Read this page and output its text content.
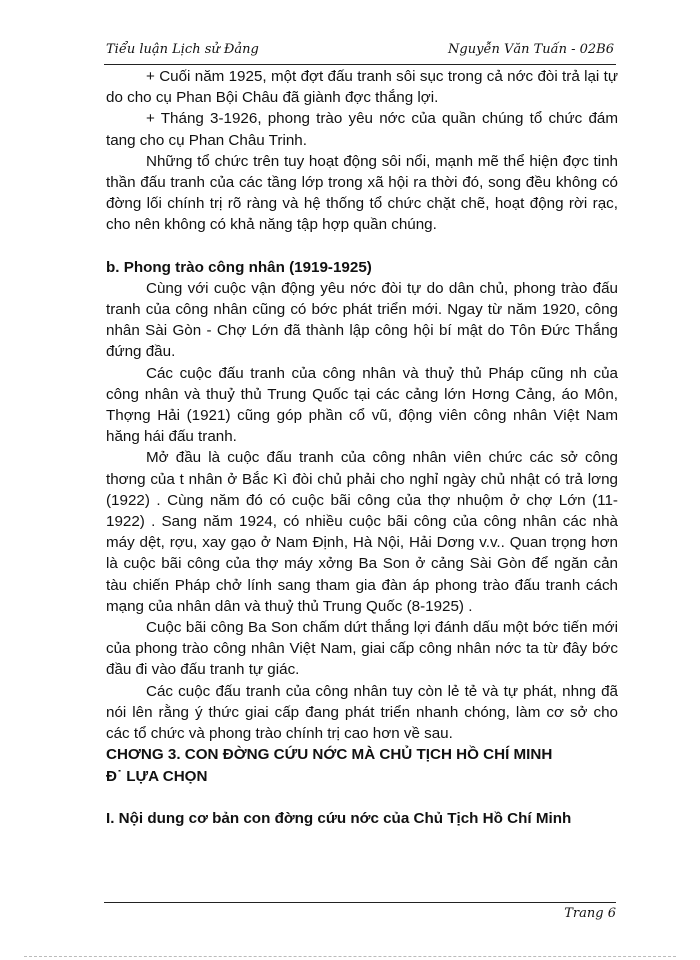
Tiểu luận Lịch sử Đảng	Nguyễn Văn Tuấn - 02B6

+ Cuối năm 1925, một đợt đấu tranh sôi sục trong cả nớc đòi trả lại tự do cho cụ Phan Bội Châu đã giành đợc thắng lợi.

+ Tháng 3-1926, phong trào yêu nớc của quần chúng tổ chức đám tang cho cụ Phan Châu Trinh.

Những tổ chức trên tuy hoạt động sôi nổi, mạnh mẽ thể hiện đợc tinh thần đấu tranh của các tầng lớp trong xã hội ra thời đó, song đều không có đờng lối chính trị rõ ràng và hệ thống tổ chức chặt chẽ, hoạt động rời rạc, cho nên không có khả năng tập hợp quần chúng.

b. Phong trào công nhân (1919-1925)

Cùng với cuộc vận động yêu nớc đòi tự do dân chủ, phong trào đấu tranh của công nhân cũng có bớc phát triển mới. Ngay từ năm 1920, công nhân Sài Gòn - Chợ Lớn đã thành lập công hội bí mật do Tôn Đức Thắng đứng đầu.

Các cuộc đấu tranh của công nhân và thuỷ thủ Pháp cũng nh của công nhân và thuỷ thủ Trung Quốc tại các cảng lớn Hơng Cảng, áo Môn, Thợng Hải (1921) cũng góp phần cổ vũ, động viên công nhân Việt Nam hăng hái đấu tranh.

Mở đầu là cuộc đấu tranh của công nhân viên chức các sở công thơng của t nhân ở Bắc Kì đòi chủ phải cho nghỉ ngày chủ nhật có trả lơng (1922) . Cùng năm đó có cuộc bãi công của thợ nhuộm ở chợ Lớn (11-1922) . Sang năm 1924, có nhiều cuộc bãi công của công nhân các nhà máy dệt, rợu, xay gạo ở Nam Định, Hà Nội, Hải Dơng v.v.. Quan trọng hơn là cuộc bãi công của thợ máy xởng Ba Son ở cảng Sài Gòn để ngăn cản tàu chiến Pháp chở lính sang tham gia đàn áp phong trào đấu tranh cách mạng của nhân dân và thuỷ thủ Trung Quốc (8-1925) .

Cuộc bãi công Ba Son chấm dứt thắng lợi đánh dấu một bớc tiến mới của phong trào công nhân Việt Nam, giai cấp công nhân nớc ta từ đây bớc đầu đi vào đấu tranh tự giác.

Các cuộc đấu tranh của công nhân tuy còn lẻ tẻ và tự phát, nhng đã nói lên rằng ý thức giai cấp đang phát triển nhanh chóng, làm cơ sở cho các tổ chức và phong trào chính trị cao hơn về sau.

CHƠNG 3. CON ĐỜNG CỨU NỚC MÀ CHỦ TỊCH HỒ CHÍ MINH

Đ˙ LỰA CHỌN

I. Nội dung cơ bản con đờng cứu nớc của Chủ Tịch Hồ Chí Minh

Trang 6
